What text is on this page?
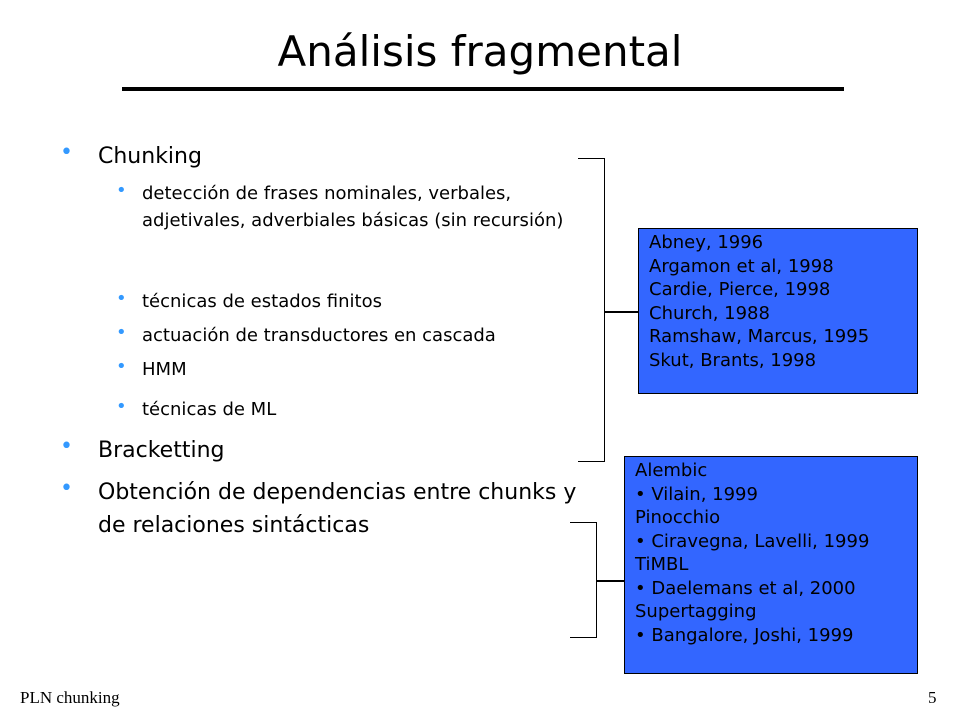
Análisis fragmental
•	Chunking
• detección de frases nominales, verbales, adjetivales, adverbiales básicas (sin recursión)
• técnicas de estados finitos
• actuación de transductores en cascada
• HMM
• técnicas de ML
•	Bracketting
•	Obtención de dependencias entre chunks y de relaciones sintácticas
Abney, 1996
Argamon et al, 1998
Cardie, Pierce, 1998
Church, 1988
Ramshaw, Marcus, 1995
Skut, Brants, 1998
Alembic
• Vilain, 1999
Pinocchio
• Ciravegna, Lavelli, 1999
TiMBL
• Daelemans et al, 2000
Supertagging
• Bangalore, Joshi, 1999
PLN chunking	5
